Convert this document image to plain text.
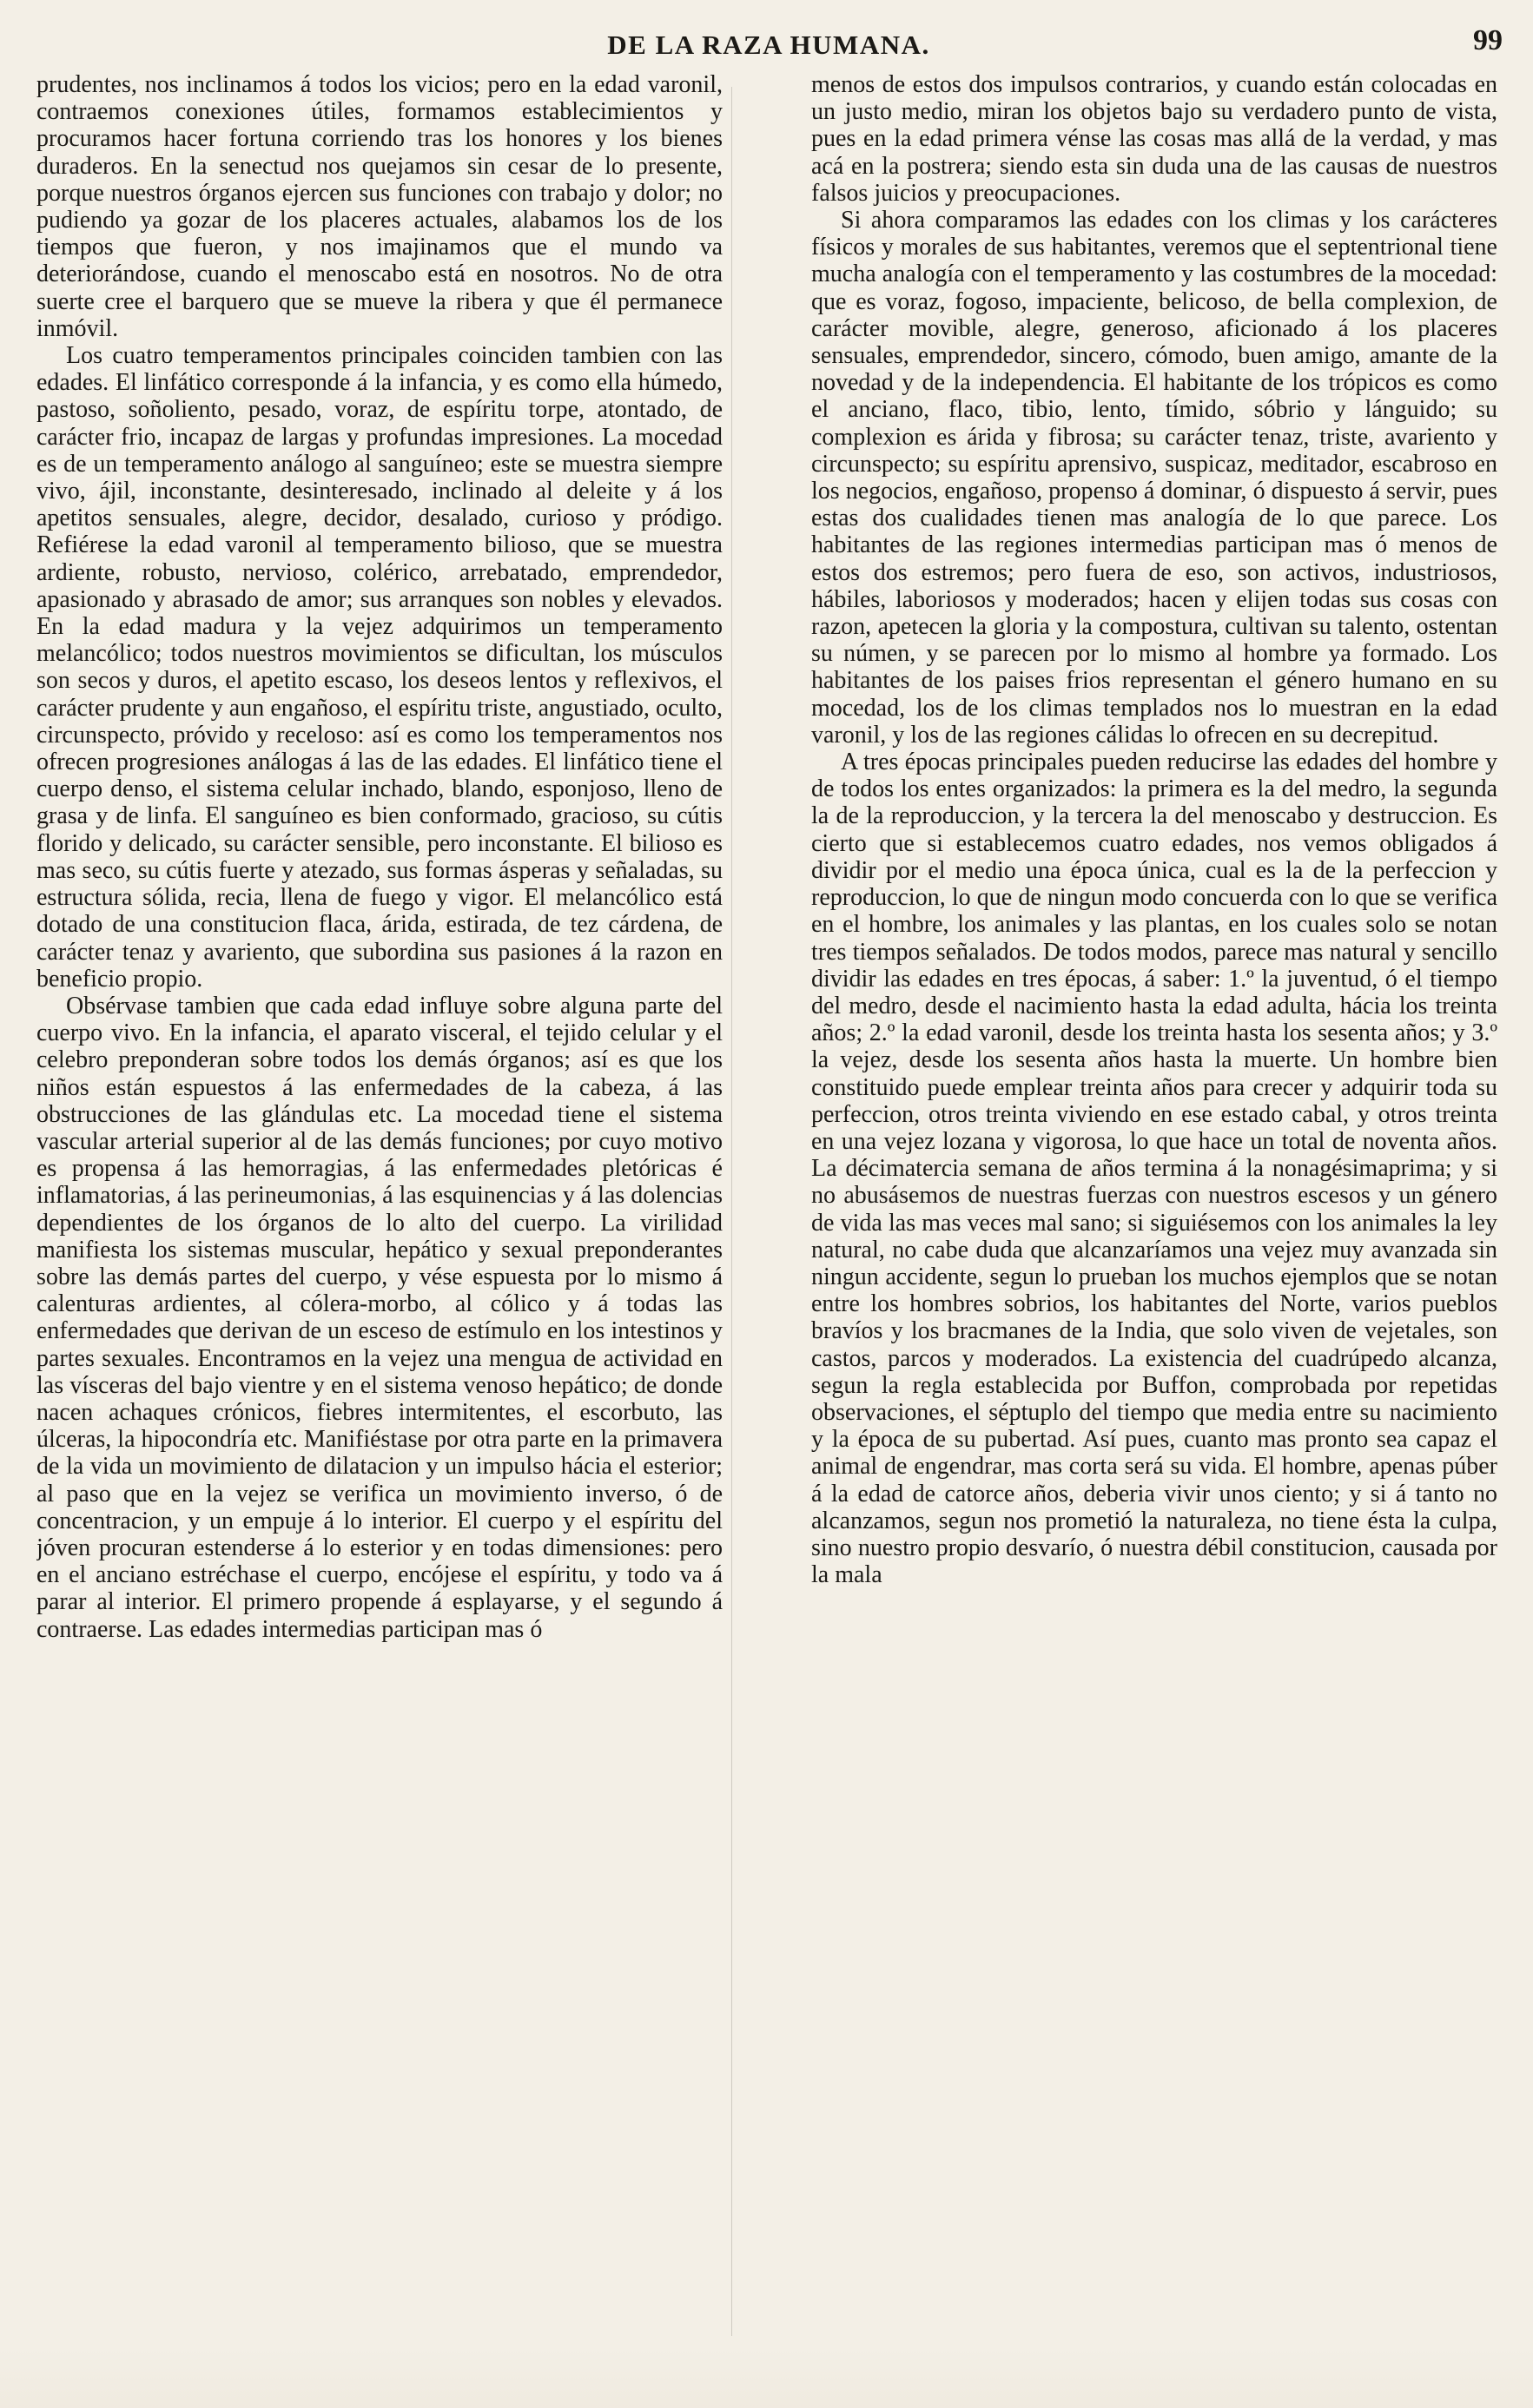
DE LA RAZA HUMANA.	99

prudentes, nos inclinamos á todos los vicios; pero en la edad varonil, contraemos conexiones útiles, formamos establecimientos y procuramos hacer fortuna corriendo tras los honores y los bienes duraderos. En la senectud nos quejamos sin cesar de lo presente, porque nuestros órganos ejercen sus funciones con trabajo y dolor; no pudiendo ya gozar de los placeres actuales, alabamos los de los tiempos que fueron, y nos imajinamos que el mundo va deteriorándose, cuando el menoscabo está en nosotros. No de otra suerte cree el barquero que se mueve la ribera y que él permanece inmóvil.

Los cuatro temperamentos principales coinciden tambien con las edades. El linfático corresponde á la infancia, y es como ella húmedo, pastoso, soñoliento, pesado, voraz, de espíritu torpe, atontado, de carácter frio, incapaz de largas y profundas impresiones. La mocedad es de un temperamento análogo al sanguíneo; este se muestra siempre vivo, ájil, inconstante, desinteresado, inclinado al deleite y á los apetitos sensuales, alegre, decidor, desalado, curioso y pródigo. Refiérese la edad varonil al temperamento bilioso, que se muestra ardiente, robusto, nervioso, colérico, arrebatado, emprendedor, apasionado y abrasado de amor; sus arranques son nobles y elevados. En la edad madura y la vejez adquirimos un temperamento melancólico; todos nuestros movimientos se dificultan, los músculos son secos y duros, el apetito escaso, los deseos lentos y reflexivos, el carácter prudente y aun engañoso, el espíritu triste, angustiado, oculto, circunspecto, próvido y receloso: así es como los temperamentos nos ofrecen progresiones análogas á las de las edades. El linfático tiene el cuerpo denso, el sistema celular inchado, blando, esponjoso, lleno de grasa y de linfa. El sanguíneo es bien conformado, gracioso, su cútis florido y delicado, su carácter sensible, pero inconstante. El bilioso es mas seco, su cútis fuerte y atezado, sus formas ásperas y señaladas, su estructura sólida, recia, llena de fuego y vigor. El melancólico está dotado de una constitucion flaca, árida, estirada, de tez cárdena, de carácter tenaz y avariento, que subordina sus pasiones á la razon en beneficio propio.

Obsérvase tambien que cada edad influye sobre alguna parte del cuerpo vivo. En la infancia, el aparato visceral, el tejido celular y el celebro preponderan sobre todos los demás órganos; así es que los niños están espuestos á las enfermedades de la cabeza, á las obstrucciones de las glándulas etc. La mocedad tiene el sistema vascular arterial superior al de las demás funciones; por cuyo motivo es propensa á las hemorragias, á las enfermedades pletóricas é inflamatorias, á las perineumonias, á las esquinencias y á las dolencias dependientes de los órganos de lo alto del cuerpo. La virilidad manifiesta los sistemas muscular, hepático y sexual preponderantes sobre las demás partes del cuerpo, y vése espuesta por lo mismo á calenturas ardientes, al cólera-morbo, al cólico y á todas las enfermedades que derivan de un esceso de estímulo en los intestinos y partes sexuales. Encontramos en la vejez una mengua de actividad en las vísceras del bajo vientre y en el sistema venoso hepático; de donde nacen achaques crónicos, fiebres intermitentes, el escorbuto, las úlceras, la hipocondría etc. Manifiéstase por otra parte en la primavera de la vida un movimiento de dilatacion y un impulso hácia el esterior; al paso que en la vejez se verifica un movimiento inverso, ó de concentracion, y un empuje á lo interior. El cuerpo y el espíritu del jóven procuran estenderse á lo esterior y en todas dimensiones: pero en el anciano estréchase el cuerpo, encójese el espíritu, y todo va á parar al interior. El primero propende á esplayarse, y el segundo á contraerse. Las edades intermedias participan mas ó

menos de estos dos impulsos contrarios, y cuando están colocadas en un justo medio, miran los objetos bajo su verdadero punto de vista, pues en la edad primera vénse las cosas mas allá de la verdad, y mas acá en la postrera; siendo esta sin duda una de las causas de nuestros falsos juicios y preocupaciones.

Si ahora comparamos las edades con los climas y los carácteres físicos y morales de sus habitantes, veremos que el septentrional tiene mucha analogía con el temperamento y las costumbres de la mocedad: que es voraz, fogoso, impaciente, belicoso, de bella complexion, de carácter movible, alegre, generoso, aficionado á los placeres sensuales, emprendedor, sincero, cómodo, buen amigo, amante de la novedad y de la independencia. El habitante de los trópicos es como el anciano, flaco, tibio, lento, tímido, sóbrio y lánguido; su complexion es árida y fibrosa; su carácter tenaz, triste, avariento y circunspecto; su espíritu aprensivo, suspicaz, meditador, escabroso en los negocios, engañoso, propenso á dominar, ó dispuesto á servir, pues estas dos cualidades tienen mas analogía de lo que parece. Los habitantes de las regiones intermedias participan mas ó menos de estos dos estremos; pero fuera de eso, son activos, industriosos, hábiles, laboriosos y moderados; hacen y elijen todas sus cosas con razon, apetecen la gloria y la compostura, cultivan su talento, ostentan su númen, y se parecen por lo mismo al hombre ya formado. Los habitantes de los paises frios representan el género humano en su mocedad, los de los climas templados nos lo muestran en la edad varonil, y los de las regiones cálidas lo ofrecen en su decrepitud.

A tres épocas principales pueden reducirse las edades del hombre y de todos los entes organizados: la primera es la del medro, la segunda la de la reproduccion, y la tercera la del menoscabo y destruccion. Es cierto que si establecemos cuatro edades, nos vemos obligados á dividir por el medio una época única, cual es la de la perfeccion y reproduccion, lo que de ningun modo concuerda con lo que se verifica en el hombre, los animales y las plantas, en los cuales solo se notan tres tiempos señalados. De todos modos, parece mas natural y sencillo dividir las edades en tres épocas, á saber: 1.º la juventud, ó el tiempo del medro, desde el nacimiento hasta la edad adulta, hácia los treinta años; 2.º la edad varonil, desde los treinta hasta los sesenta años; y 3.º la vejez, desde los sesenta años hasta la muerte. Un hombre bien constituido puede emplear treinta años para crecer y adquirir toda su perfeccion, otros treinta viviendo en ese estado cabal, y otros treinta en una vejez lozana y vigorosa, lo que hace un total de noventa años. La décimatercia semana de años termina á la nonagésimaprima; y si no abusásemos de nuestras fuerzas con nuestros escesos y un género de vida las mas veces mal sano; si siguiésemos con los animales la ley natural, no cabe duda que alcanzaríamos una vejez muy avanzada sin ningun accidente, segun lo prueban los muchos ejemplos que se notan entre los hombres sobrios, los habitantes del Norte, varios pueblos bravíos y los bracmanes de la India, que solo viven de vejetales, son castos, parcos y moderados. La existencia del cuadrúpedo alcanza, segun la regla establecida por Buffon, comprobada por repetidas observaciones, el séptuplo del tiempo que media entre su nacimiento y la época de su pubertad. Así pues, cuanto mas pronto sea capaz el animal de engendrar, mas corta será su vida. El hombre, apenas púber á la edad de catorce años, deberia vivir unos ciento; y si á tanto no alcanzamos, segun nos prometió la naturaleza, no tiene ésta la culpa, sino nuestro propio desvarío, ó nuestra débil constitucion, causada por la mala
